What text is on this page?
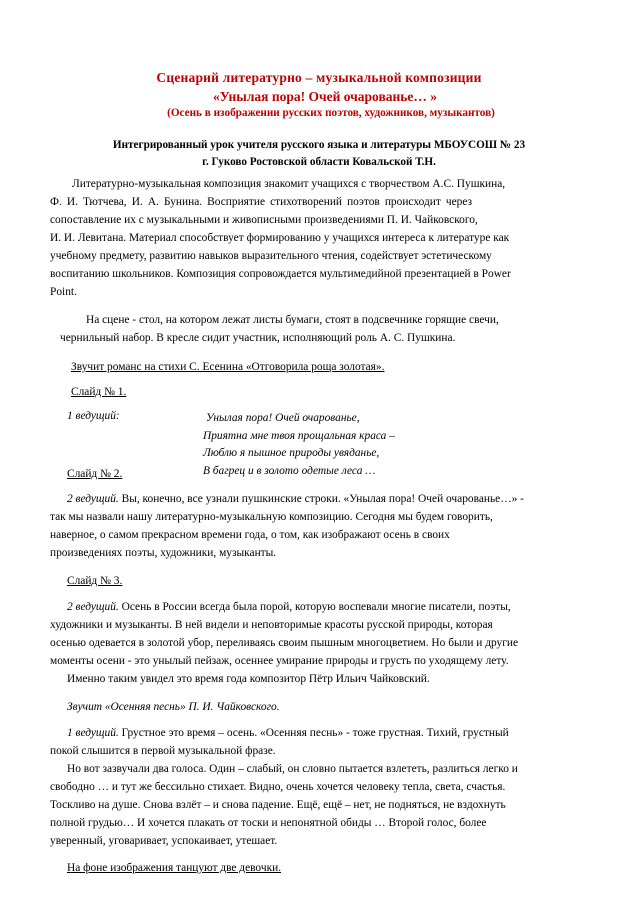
Сценарий литературно – музыкальной композиции
«Унылая пора! Очей очарованье… »
(Осень в изображении русских поэтов, художников, музыкантов)
Интегрированный урок учителя русского языка и литературы МБОУСОШ № 23
г. Гуково Ростовской области Ковальской Т.Н.
Литературно-музыкальная композиция знакомит учащихся с творчеством А.С. Пушкина,
Ф. И. Тютчева, И. А. Бунина. Восприятие стихотворений поэтов происходит через
сопоставление их с музыкальными и живописными произведениями П. И. Чайковского,
И. И. Левитана. Материал способствует формированию у учащихся интереса к литературе как
учебному предмету, развитию навыков выразительного чтения, содействует эстетическому
воспитанию школьников. Композиция сопровождается мультимедийной презентацией в Power
Point.
На сцене - стол, на котором лежат листы бумаги, стоят в подсвечнике горящие свечи,
чернильный набор. В кресле сидит участник, исполняющий роль А. С. Пушкина.
Звучит романс на стихи С. Есенина «Отговорила роща золотая».
Слайд № 1.
1 ведущий:	Унылая пора! Очей очарованье,
Приятна мне твоя прощальная краса –
Люблю я пышное природы увяданье,
В багрец и в золото одетые леса …
Слайд № 2.
2 ведущий. Вы, конечно, все узнали пушкинские строки. «Унылая пора! Очей очарованье…» -
так мы назвали нашу литературно-музыкальную композицию. Сегодня мы будем говорить,
наверное, о самом прекрасном времени года, о том, как изображают осень в своих
произведениях поэты, художники, музыканты.
Слайд № 3.
2 ведущий. Осень в России всегда была порой, которую воспевали многие писатели, поэты,
художники и музыканты. В ней видели и неповторимые красоты русской природы, которая
осенью одевается в золотой убор, переливаясь своим пышным многоцветием. Но были и другие
моменты осени - это унылый пейзаж, осеннее умирание природы и грусть по уходящему лету.
Именно таким увидел это время года композитор Пётр Ильич Чайковский.
Звучит «Осенняя песнь» П. И. Чайковского.
1 ведущий. Грустное это время – осень. «Осенняя песнь» - тоже грустная. Тихий, грустный
покой слышится в первой музыкальной фразе.
Но вот зазвучали два голоса. Один – слабый, он словно пытается взлететь, разлиться легко и
свободно … и тут же бессильно стихает. Видно, очень хочется человеку тепла, света, счастья.
Тоскливо на душе. Снова взлёт – и снова падение. Ещё, ещё – нет, не подняться, не вздохнуть
полной грудью… И хочется плакать от тоски и непонятной обиды … Второй голос, более
уверенный, уговаривает, успокаивает, утешает.
На фоне изображения танцуют две девочки.
